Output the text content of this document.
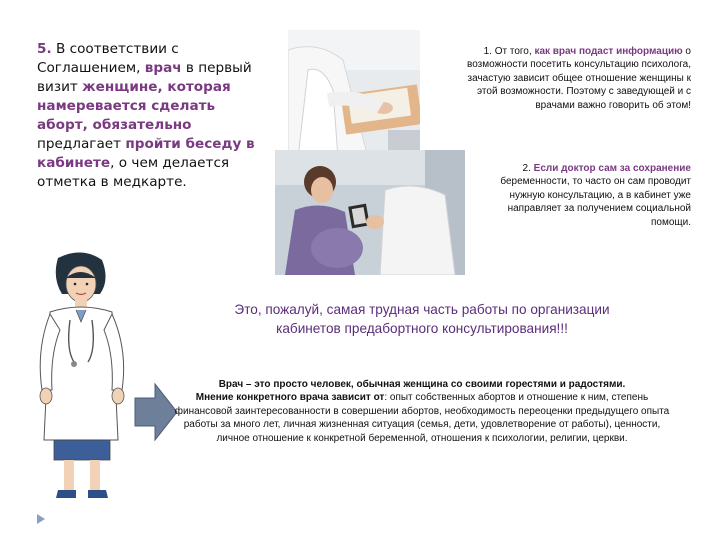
5. В соответствии с Соглашением, врач в первый визит женщине, которая намеревается сделать аборт, обязательно предлагает пройти беседу в кабинете, о чем делается отметка в медкарте.
1. От того, как врач подаст информацию о возможности посетить консультацию психолога, зачастую зависит общее отношение женщины к этой возможности. Поэтому с заведующей и с врачами важно говорить об этом!
2. Если доктор сам за сохранение беременности, то часто он сам проводит нужную консультацию, а в кабинет уже направляет за получением социальной помощи.
Это, пожалуй, самая трудная часть работы по организации кабинетов предабортного консультирования!!!
Врач – это просто человек, обычная женщина со своими горестями и радостями.
Мнение конкретного врача зависит от: опыт собственных абортов и отношение к ним, степень финансовой заинтересованности в совершении абортов, необходимость переоценки предыдущего опыта работы за много лет, личная жизненная ситуация (семья, дети, удовлетворение от работы), ценности, личное отношение к конкретной беременной, отношения к психологии, религии, церкви.
